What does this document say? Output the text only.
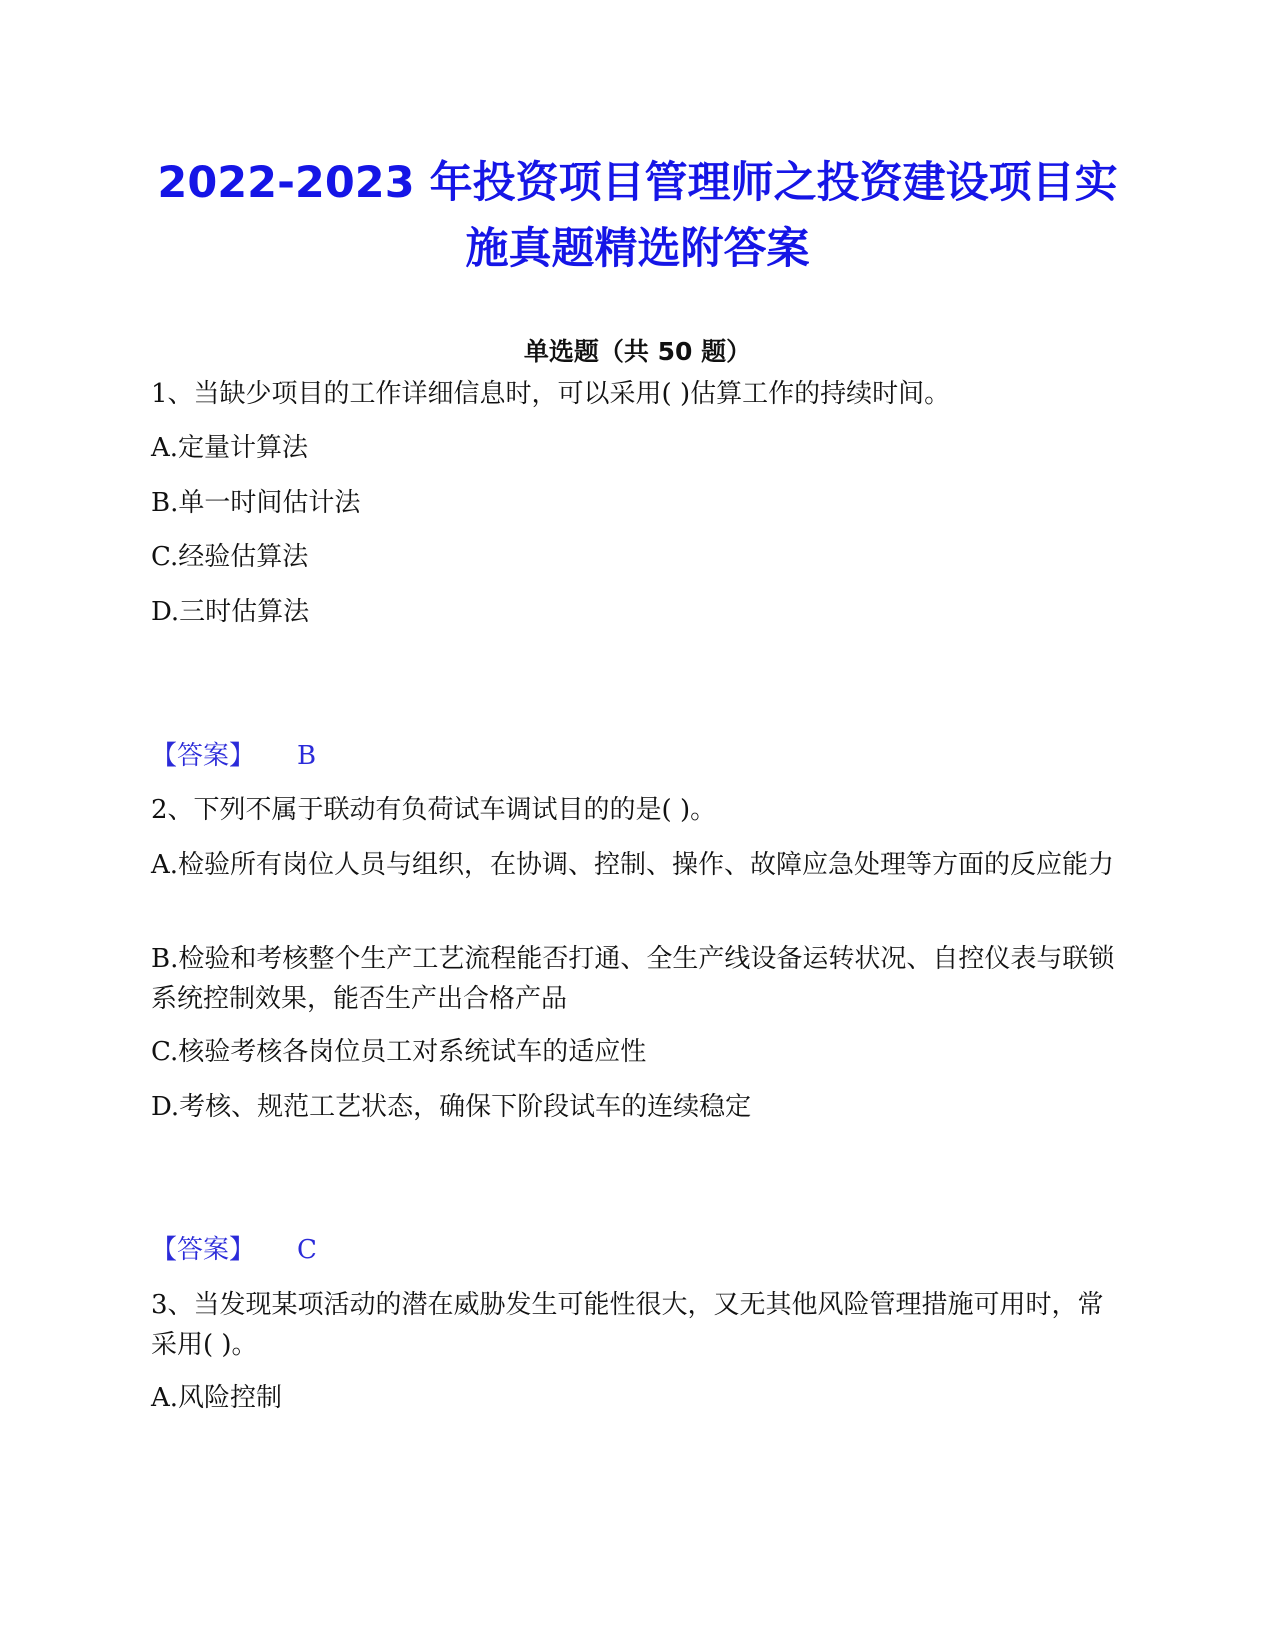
2022-2023 年投资项目管理师之投资建设项目实施真题精选附答案
单选题（共 50 题）
1、当缺少项目的工作详细信息时，可以采用( )估算工作的持续时间。
A.定量计算法
B.单一时间估计法
C.经验估算法
D.三时估算法
【答案】 B
2、下列不属于联动有负荷试车调试目的的是( )。
A.检验所有岗位人员与组织，在协调、控制、操作、故障应急处理等方面的反应能力
B.检验和考核整个生产工艺流程能否打通、全生产线设备运转状况、自控仪表与联锁系统控制效果，能否生产出合格产品
C.核验考核各岗位员工对系统试车的适应性
D.考核、规范工艺状态，确保下阶段试车的连续稳定
【答案】 C
3、当发现某项活动的潜在威胁发生可能性很大，又无其他风险管理措施可用时，常采用( )。
A.风险控制
